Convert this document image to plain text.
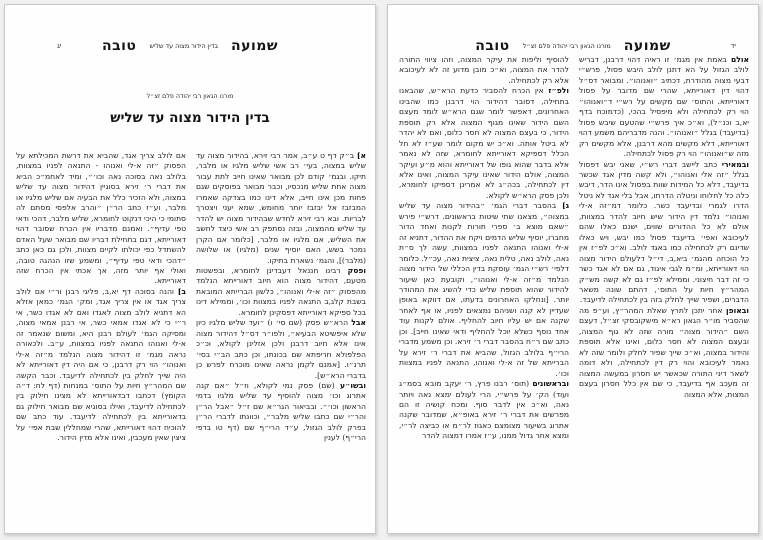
יג	שמועה
בדין הידור מצוה עד שליש
טובה
מורנו הגאון רבי יהודה פלם זצ״ל
בדין הידור מצוה עד שליש

א] ב״ק דף ט ע״ב, אמר רבי זירא, בהידור מצוה עד שליש במצוה, בעי׳ רב אשי שליש מלגיו או מלבר, תיקו. ובגמ׳ קודם לכן מבואר שאינו חייב לתת עבור מצוה אחת שליש מנכסיו, וכבר מבואר בפוסקים שגם פחות מכן אינו חייב, אלא דינו כמו בצדקה שאמרו המבזבז אל יבזבז יותר מחומש, שמא יעני ויצטרך לבריות. ובא רבי זירא לחדש שבהידור מצוה יש להדר עד שליש מהמצוה, ובזה נסתפק רב אשי כיצד לחשב את השליש, אם מלגיו או מלבר, [כלומר אם הקרן נמכר בשש, האם יוסיף שנים (מלגיו) או שלושה (מלבר)], והגמ׳ נשארת בתיקו.

ופסק רבינו חננאל דעבדינן לחומרא, ובפשטות מטעם, דהידור מצוה הוא חיוב דאורייתא הנלמד מהפסוק ״זה א-לי ואנוהו״, כלשון הברייתא המובאת בשבת קלג,ב התנאה לפניו במצוות וכו׳, וממילא דינו בכל ספיקא דאורייתא דפסקינן לחומרא.

אבל הרא״ש פסק (שם סי׳ ו) ״ועד שליש מלגיו כיון שלא איפשיטא הבעיא״, ולפו״ר דס״ל דהידור מצוה אינו אלא חיוב דרבנן ולכן אזלינן לקולא, וכ״כ הפלפולא חריפתא שם בכונתו, וכן כתב הב״י בסי׳ תרנ״ו. [אמנם לקמן נראה שאינו מוכרח לפרש כן בדברי הרא״ש].

ובשו״ע (שם) פסק נמי לקולא, וז״ל ״אם קנה אתרוג וכו׳ מצוה להוסיף עד שליש מלגיו בדמי הראשון וכו׳״. ובביאור הגר״א שם ז״ל ״אבל הר״ן והר״י שם כתבו שליש מלבר״, וכוונתו לדברי הר״ן בפרק לולב הגזול, ע״ד הרי״ף שם (דף טו בדפי הרי״ף) לענין

אם לולב צריך אגד, שהביא את דרשת המכילתא על הפסוק ״זה א-לי ואנוהו - התנאה לפניו במצוות, בלולב נאה בסוכה נאה וכו׳״, ומיד לאחמ״כ הביא את דברי ר׳ זירא בסוגיין דהידור מצוה עד שליש במצוה, ולא הזכיר כלל את הבעיה אם שליש מלגיו או מלבר, וע״ז כתב הר״ן ״והרב אלפסי מסתם לה סתומי כי היכי דנקוט לחומרא, שליש מלבר, דהכי ודאי טפי עדיף״. ואמנם מדבריו אין הכרח שסובר דהוי דאורייתא, דגם בתחילת דבריו שם מבואר שעל האדם להשתדל כפי יכולתו לקיים מצוות, ולכן גם כאן כתב ״דהכי ודאי טפי עדיף״, ומשמע שזו הנהגה טובה, ואולי אף יותר מזה, אך אכתי אין הכרח שזה דאורייתא.

ב] והנה בסוכה דף יא,ב, פליגי רבנן ור״י אם לולב צריך אגד או אין צריך אגד, ומק׳ הגמ׳ כמאן אזלא הא דתניא לולב מצוה לאגדו ואם לא אגדו כשר, אי ר״י כי לא אגדו אמאי כשר, אי רבנן אמאי מצוה, ומסיקה הגמ׳ לעולם רבנן היא, ומשום שנאמר זה א-לי ואנוהו התנאה לפניו במצוות, ע״ב. ולכאורה נראה מגמ׳ זו דהידור מצוה הנלמד מ״זה א-לי ואנוהו״ הוי רק דרבנן, כי אם היה דין דאורייתא לא היה שייך לחלק בין לכתחילה לדיעבד. וכבר הקשה שם המהר״ץ חיות על התוס׳ במנחות (דף לח: ד״ה הקומץ) דכתבו דבדאורייתא לא מצינו חילוק בין לכתחילה לדיעבד, ואילו בסוגיא שם מבואר חילוק גם בדאורייתא בין לכתחילה לדיעבד. עוד כתב שם להוכיח דהוי דאורייתא, שהרי שמחללין שבת אפי׳ על ציצין שאין מעכבין, ואינו אלא מדין הידור.

יד
שמועה
מורנו הגאון רבי יהודה פלם זצ״ל
טובה

אולם באמת אין מגמ׳ זו ראיה דהוי דרבנן, דבריש לולב הגזול על הא דתנן לולב היבש פסול, פרש״י דבעי מצוה מהודרת, דכתיב ״ואנוהו״. ומבואר דס״ל דהוי דין דאורייתא, שהרי שם מדובר על פסול דאורייתא. והתוס׳ שם מקשים על רש״י ד״ואנוהו״ הוי רק לכתחילה ולא מיפסיל בהכי, (כדמוכח בדף יא,ב וכנ״ל), וא״כ איך פרש״י שהטעם שיבש פסול (בדיעבד) בגלל ״ואנוהו״. והנה מדבריהם משמע דהוי דאורייתא, דלא מקשים מהא דרבנן, אלא מקשים רק מזה ש״ואנוהו״ הוי רק פסול לכתחילה.

ובמאירי כתב ליישב דברי רש״י, שאני יבש דפסול בגלל ״זה אלי ואנוהו״, ולא קשה מדין אגד שכשר בדיעבד, דלא כל המידות שוות בפסול אינו הדר, דיבש כלה כל לחלוחו וניטלה הדרתו, אבל בלי אגד לא ניטל הדרו לגמרי ובדיעבד כשר. כלומר דמ״זה א-לי ואנוהו״ נלמד דין הידור שיש חיוב להדר במצוות, אולם לא כל ההדורים שווים, ישנם כאלו שהם לעיכובא ואפי׳ בדיעבד פסול כמו יבש, ויש כאלו שדינם רק לכתחילה כמו באגד לולב. וא״כ לפ״ז אין כל הוכחה מהגמ׳ ביא,ב, די״ל דלעולם הידור מצוה הוי דאורייתא, ומ״מ לגבי איגוד, גם אם לא אגד כשר כי זה דבר חיצוני. וממילא לפ״ז גם לא קשה מש״ק המהר״ץ חיות על התוס׳, דהתם שונה משאר הדברים, ושפיר שייך לחלק בזה בין לכתחילה לדיעבד.

ובאופן אחר יתכן לתרץ שאלת המהר״ץ, וע״פ מה שהסביר מו״ר הגאון רא״א מישקובסקי זצ״ל, דעצם השם ״הידור מצוה״ מורה שזה לא גוף המצוה, ובעצם המצוה לא חסר כלום, ואינו אלא תוספת והידור במצוה, וא״כ שייך שפיר לחלק ולומר שזה לא נאמר לעיכובא והוי רק דין לכתחילה, ולא דומה לשאר דיני התורה שכאשר יש חסרון במעשה המצוה זה מעכב אף בדיעבד, כי שם אין כלל חסרון בעצם המצות, אלא המצוה

להוסיף וליפות את עיקר המצוה, וזהו ציווי התורה להדר את המצוה, וא״כ מובן מדוע זה לא לעיכובא אלא רק לכתחילה.

ולפ״ז אין הכרח להסביר כדעת הרא״ש, שהבאנו בתחילה, דסובר דהידור הוי דרבנן כמו שהבינו האחרונים, דאפשר לומר שגם הרא״ש לומד מעצם השם הידור שאינו מגוף המצוה אלא רק תוספת הידור, כי בעצם המצוה לא חסר כלום, ואם לא יהדר לא ביטל אותה. וא״כ יש מקום לומר שע״ז לא חל הכלל דספיקא דאורייתא לחומרא, שזה לא נאמר אלא בדבר שהוא גופו של דאורייתא והוא מ״ע ועיקר המצוה, אולם הידור שאינו עיקר המצוה, ואינו אלא דין לכתחילה, בכה״ג לא אמרינן דספיקו לחומרא, ולכן פסק הרא״ש לקולא.

ג] בהסבר דברי הגמ׳ ״בהידור מצוה עד שליש במצוה״, מצאנו שתי שיטות בראשונים. דרש״י פירש ״שאם מוצא ב׳ ספרי תורות לקנות ואחד הדור מחברו, יוסיף שליש הדמים ויקח את ההדור, דתניא זה א-לי ואנוהו התנאה לפניו במצוות, עשה לך ס״ת נאה, לולב נאה, טלית נאה, ציצית נאה, עכ״ל. כלומר דלפי׳ רש״י הגמ׳ עוסקת בדין הכללי של הידור מצוה הנלמד מ״זה א-לי ואנוהו״, וקובעת כאן שיעור להידור שהוא תוספת שליש כדי להשיג את המהודר יותר. [ונחלקו האחרונים בדעתו, אם דווקא באופן שעדיין לא קנה ושניהם נמצאים לפניו, או אף לאחר שקנה אם יש עליו חיוב להחליף. אולם לקנות עוד אחד נוסף כשלא יוכל להחליף ודאי שאינו חייב]. וכן כתב שם ר״ח בהסבר דברי ר׳ זירא. וכן משמע מדברי הרי״ף בלולב הגזול, שהביא את דברי ר׳ זירא על הברייתא של זה א-לי ואנוהו, התנאה לפניו במצוות וכו׳.

ובראשונים (תוס׳ רבנו פרץ, ר׳ יעקב מובא בסמ״ג ועוד) הק׳ על פרש״י, הרי לעולם ימצא נאה ויותר נאה, וא״כ אין לדבר סוף. ומכח קושיה זו הם מפרשים את דברי ר׳ זירא באופ״א, שמדובר שקנה אתרוג בשיעור מצומצם כאגוז לר״מ או כביצה לר״י, ומצא אחר גדול ממנו, ע״ז אמרו דמצוה להדר
